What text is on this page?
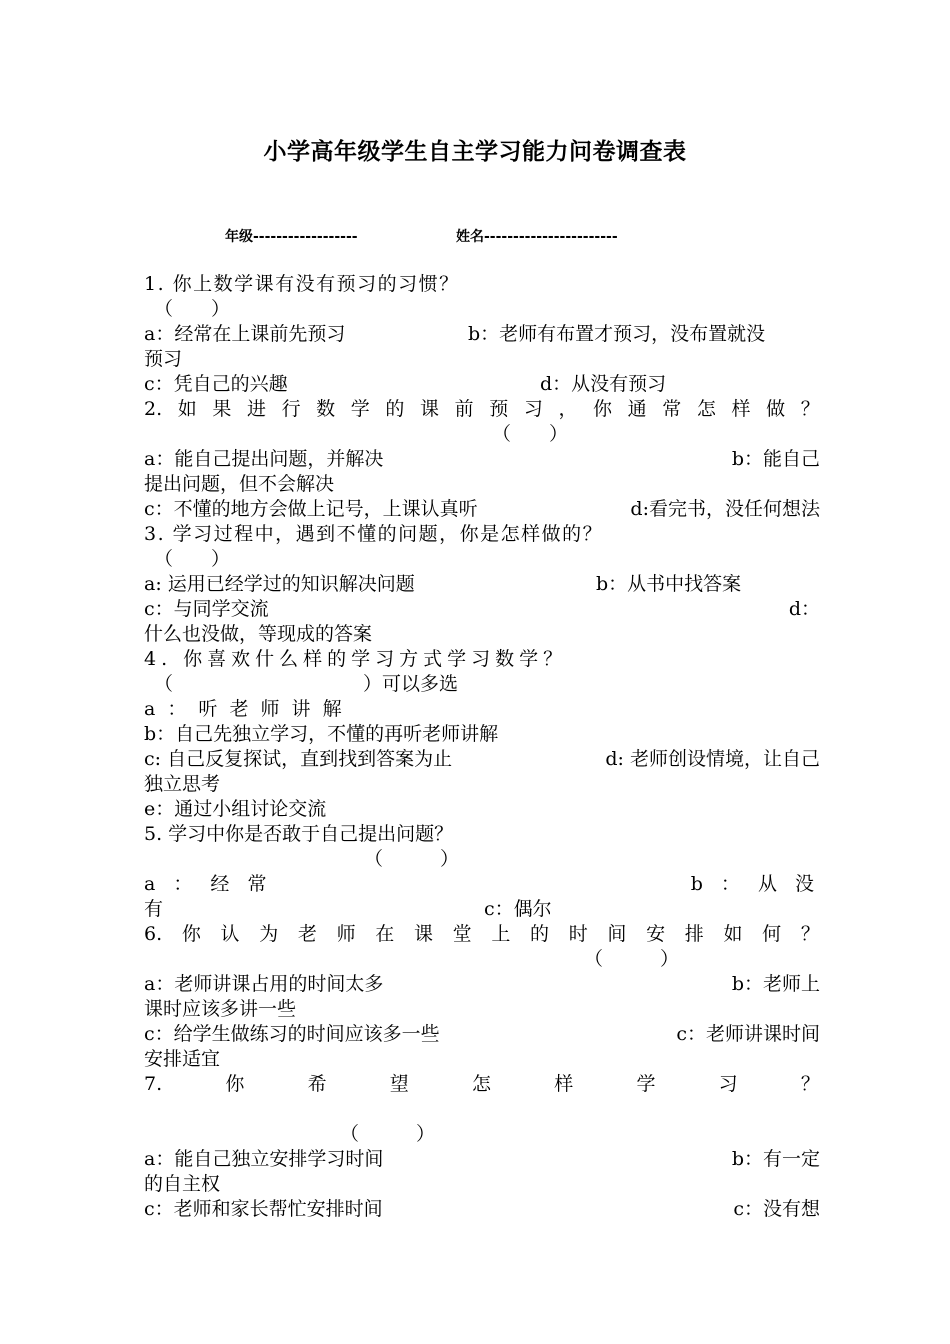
小学高年级学生自主学习能力问卷调查表
年级------------------	姓名-----------------------
1. 你上数学课有没有预习的习惯？
（　　）
a：经常在上课前先预习	b：老师有布置才预习，没布置就没
预习
c：凭自己的兴趣	d：从没有预习
2. 如 果 进 行 数 学 的 课 前 预 习 ， 你 通 常 怎 样 做 ？
（　　）
a：能自己提出问题，并解决	b：能自己
提出问题，但不会解决
c：不懂的地方会做上记号，上课认真听	d:看完书，没任何想法
3. 学习过程中，遇到不懂的问题，你是怎样做的？
（　　）
a: 运用已经学过的知识解决问题	b：从书中找答案
c：与同学交流	d：
什么也没做，等现成的答案
4. 你喜欢什么样的学习方式学习数学？
（　　　　　　　　　　）可以多选
a ： 听 老 师 讲 解
b：自己先独立学习，不懂的再听老师讲解
c: 自己反复探试，直到找到答案为止	d: 老师创设情境，让自己
独立思考
e：通过小组讨论交流
5. 学习中你是否敢于自己提出问题？
（　　　）
a ： 经 常	b ： 从 没
有	c：偶尔
6. 你 认 为 老 师 在 课 堂 上 的 时 间 安 排 如 何 ？
（　　　）
a：老师讲课占用的时间太多	b：老师上
课时应该多讲一些
c：给学生做练习的时间应该多一些	c：老师讲课时间
安排适宜
7.	你	希	望	怎	样	学	习	？
（　　　）
a：能自己独立安排学习时间	b：有一定
的自主权
c：老师和家长帮忙安排时间	c：没有想
